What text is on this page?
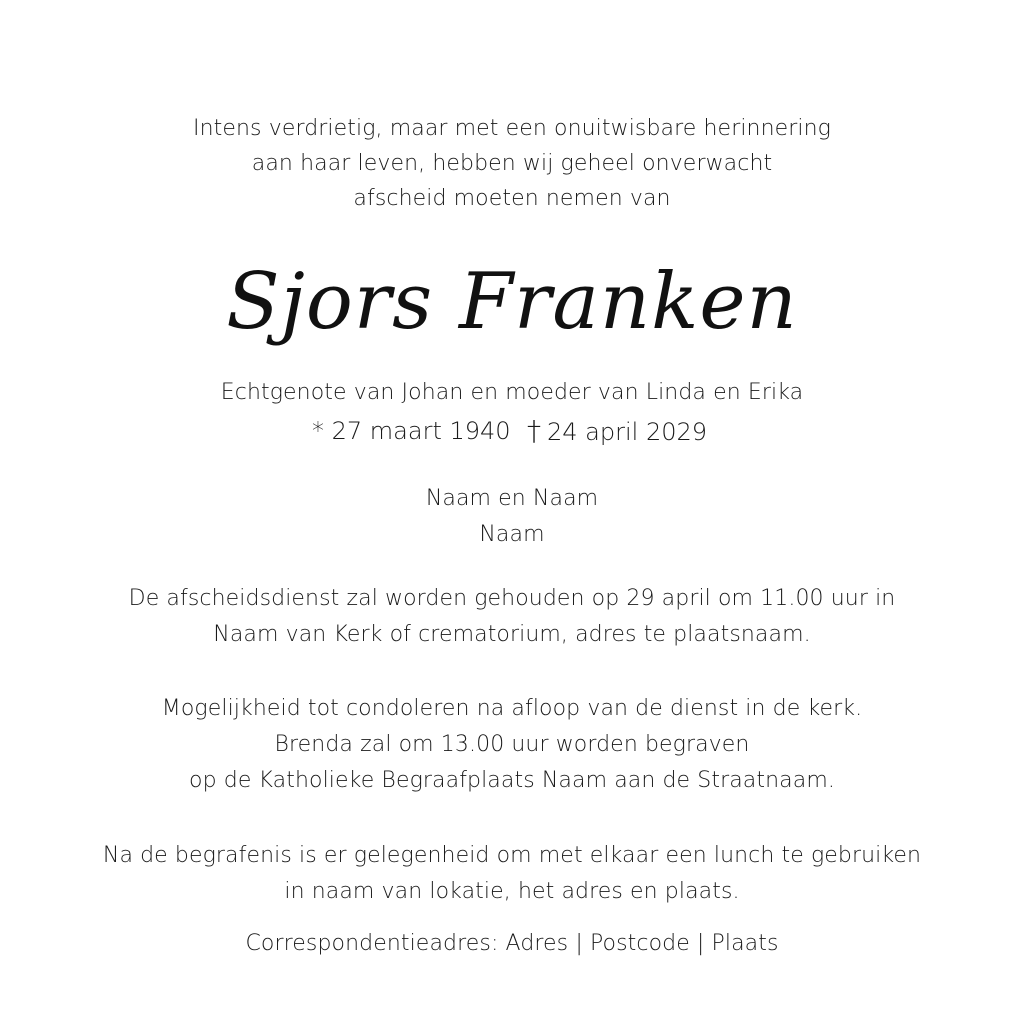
Intens verdrietig, maar met een onuitwisbare herinnering
aan haar leven, hebben wij geheel onverwacht
afscheid moeten nemen van
Sjors Franken
Echtgenote van Johan en moeder van Linda en Erika
* 27 maart 1940 † 24 april 2029
Naam en Naam
Naam
De afscheidsdienst zal worden gehouden op 29 april om 11.00 uur in
Naam van Kerk of crematorium, adres te plaatsnaam.
Mogelijkheid tot condoleren na afloop van de dienst in de kerk.
Brenda zal om 13.00 uur worden begraven
op de Katholieke Begraafplaats Naam aan de Straatnaam.
Na de begrafenis is er gelegenheid om met elkaar een lunch te gebruiken
in naam van lokatie, het adres en plaats.
Correspondentieadres: Adres | Postcode | Plaats
